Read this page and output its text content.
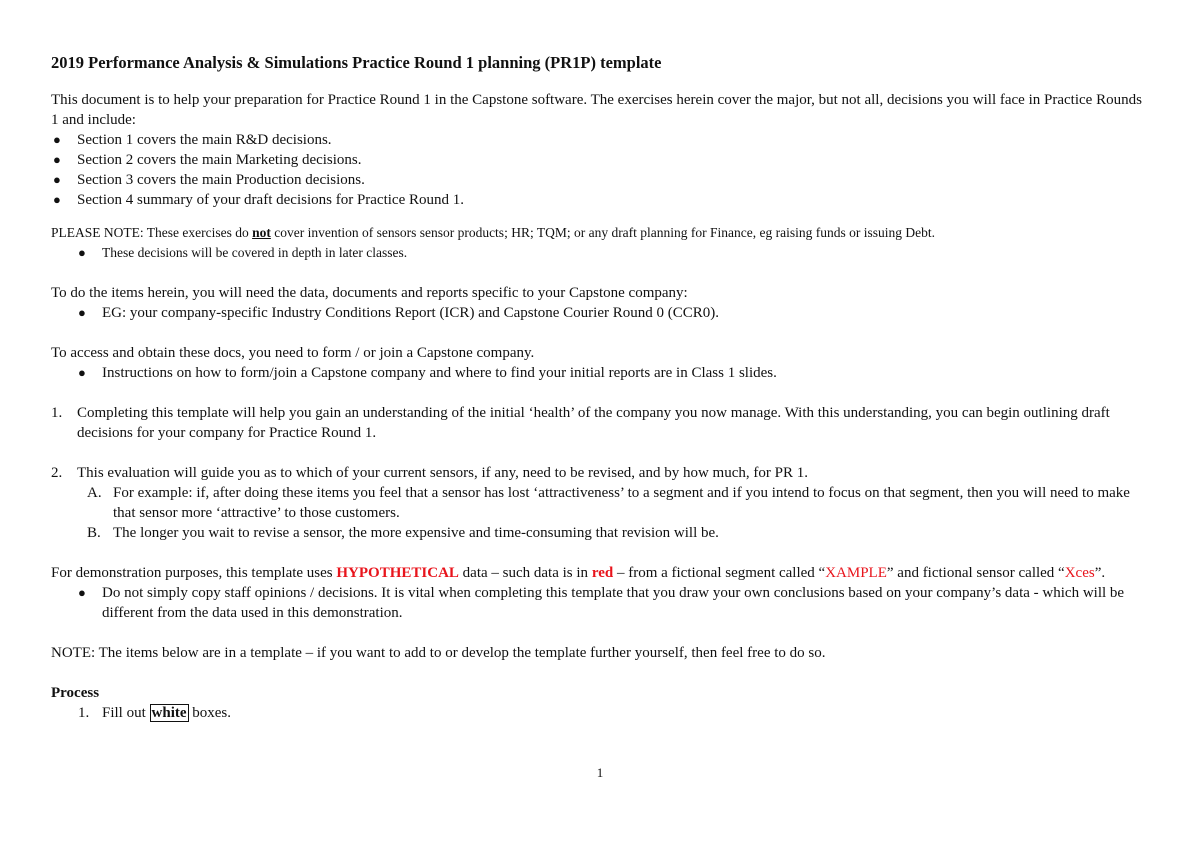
2019 Performance Analysis & Simulations Practice Round 1 planning (PR1P) template

This document is to help your preparation for Practice Round 1 in the Capstone software. The exercises herein cover the major, but not all, decisions you will face in Practice Rounds 1 and include:

● Section 1 covers the main R&D decisions.
● Section 2 covers the main Marketing decisions.
● Section 3 covers the main Production decisions.
● Section 4 summary of your draft decisions for Practice Round 1.

PLEASE NOTE: These exercises do not cover invention of sensors sensor products; HR; TQM; or any draft planning for Finance, eg raising funds or issuing Debt.

● These decisions will be covered in depth in later classes.

To do the items herein, you will need the data, documents and reports specific to your Capstone company:

● EG: your company-specific Industry Conditions Report (ICR) and Capstone Courier Round 0 (CCR0).

To access and obtain these docs, you need to form / or join a Capstone company.

● Instructions on how to form/join a Capstone company and where to find your initial reports are in Class 1 slides.
1. Completing this template will help you gain an understanding of the initial ‘health’ of the company you now manage. With this understanding, you can begin outlining draft decisions for your company for Practice Round 1.
2. This evaluation will guide you as to which of your current sensors, if any, need to be revised, and by how much, for PR 1.
A. For example: if, after doing these items you feel that a sensor has lost ‘attractiveness’ to a segment and if you intend to focus on that segment, then you will need to make that sensor more ‘attractive’ to those customers.
B. The longer you wait to revise a sensor, the more expensive and time-consuming that revision will be.

For demonstration purposes, this template uses HYPOTHETICAL data – such data is in red – from a fictional segment called “XAMPLE” and fictional sensor called “Xces”.

● Do not simply copy staff opinions / decisions. It is vital when completing this template that you draw your own conclusions based on your company’s data - which will be different from the data used in this demonstration.

NOTE: The items below are in a template – if you want to add to or develop the template further yourself, then feel free to do so.

Process

1. Fill out white boxes.
1
